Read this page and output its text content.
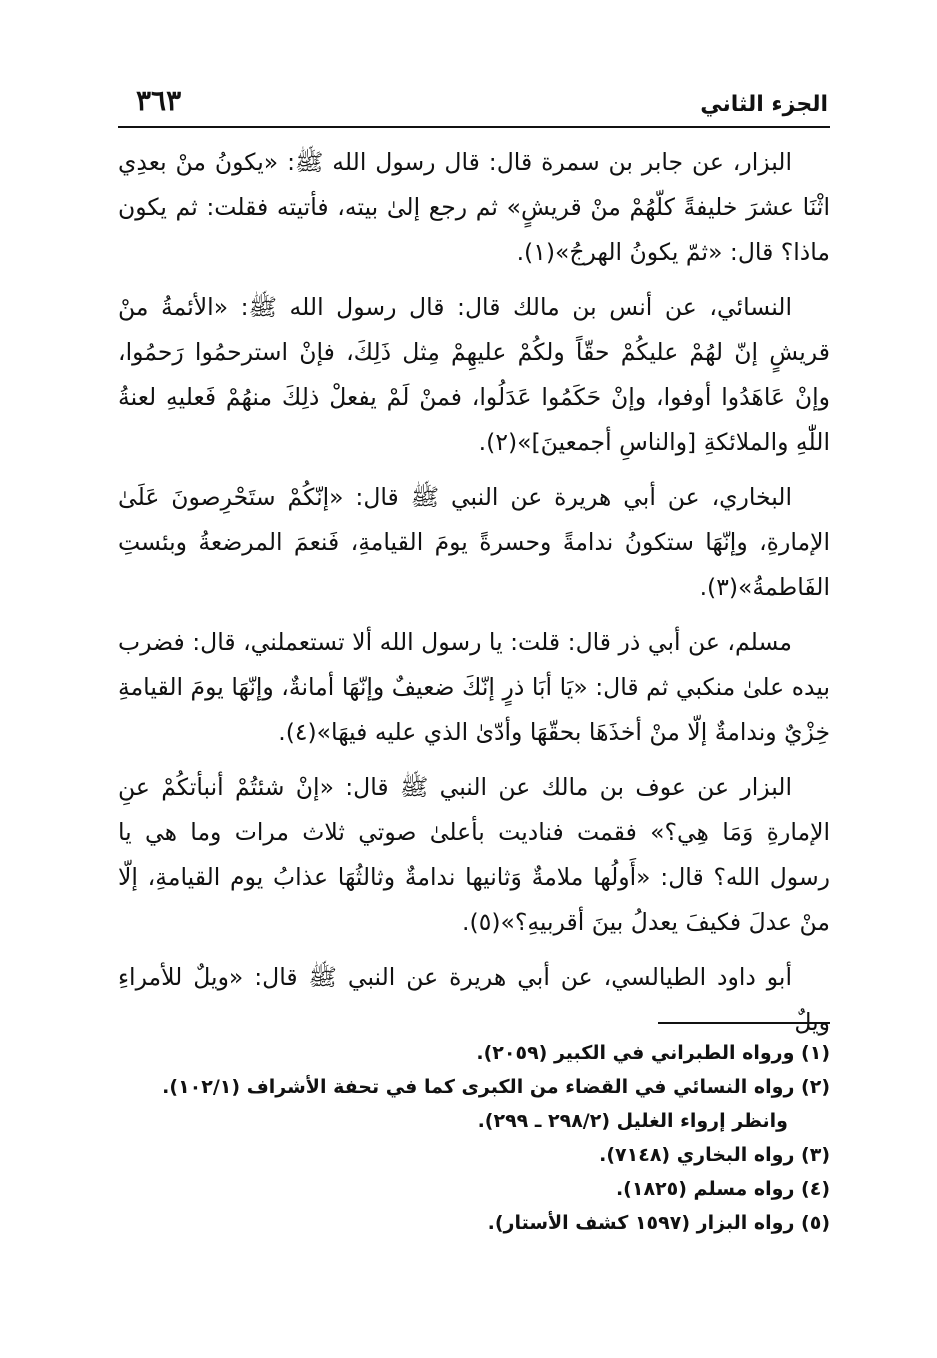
٣٦٣	الجزء الثاني

البزار، عن جابر بن سمرة قال: قال رسول الله ﷺ: «يكونُ منْ بعدِي اثْنَا عشرَ خليفةً كلّهُمْ منْ قريشٍ» ثم رجع إلىٰ بيته، فأتيته فقلت: ثم يكون ماذا؟ قال: «ثمّ يكونُ الهرجُ»(١).

النسائي، عن أنس بن مالك قال: قال رسول الله ﷺ: «الأئمةُ منْ قريشٍ إنّ لهُمْ عليكُمْ حقّاً ولكُمْ عليهِمْ مِثل ذَلِكَ، فإنْ استرحمُوا رَحمُوا، وإنْ عَاهَدُوا أوفوا، وإنْ حَكَمُوا عَدَلُوا، فمنْ لَمْ يفعلْ ذلِكَ منهُمْ فَعليهِ لعنةُ اللّٰهِ والملائكةِ [والناسِ أجمعينَ]»(٢).

البخاري، عن أبي هريرة عن النبي ﷺ قال: «إنّكُمْ ستَحْرِصونَ عَلَىٰ الإمارةِ، وإنّهَا ستكونُ ندامةً وحسرةً يومَ القيامةِ، فَنعمَ المرضعةُ وبئستِ الفَاطمةُ»(٣).

مسلم، عن أبي ذر قال: قلت: يا رسول الله ألا تستعملني، قال: فضرب بيده علىٰ منكبي ثم قال: «يَا أبَا ذرٍ إنّكَ ضعيفٌ وإنّهَا أمانةٌ، وإنّهَا يومَ القيامةِ خِزْيٌ وندامةٌ إلّا منْ أخذَهَا بحقّهَا وأدّىٰ الذي عليه فيهَا»(٤).

البزار عن عوف بن مالك عن النبي ﷺ قال: «إنْ شئتُمْ أنبأتكُمْ عنِ الإمارةِ وَمَا هِي؟» فقمت فناديت بأعلىٰ صوتي ثلاث مرات وما هي يا رسول الله؟ قال: «أَولُها ملامةٌ وَثانيها ندامةٌ وثالثُهَا عذابُ يوم القيامةِ، إلّا منْ عدلَ فكيفَ يعدلُ بينَ أقربيهِ؟»(٥).

أبو داود الطيالسي، عن أبي هريرة عن النبي ﷺ قال: «ويلٌ للأمراءِ ويلٌ

(١) ورواه الطبراني في الكبير (٢٠٥٩).

(٢) رواه النسائي في القضاء من الكبرى كما في تحفة الأشراف (١٠٢/١). وانظر إرواء الغليل (٢٩٨/٢ ـ ٢٩٩).

(٣) رواه البخاري (٧١٤٨).

(٤) رواه مسلم (١٨٢٥).

(٥) رواه البزار (١٥٩٧ كشف الأستار).
